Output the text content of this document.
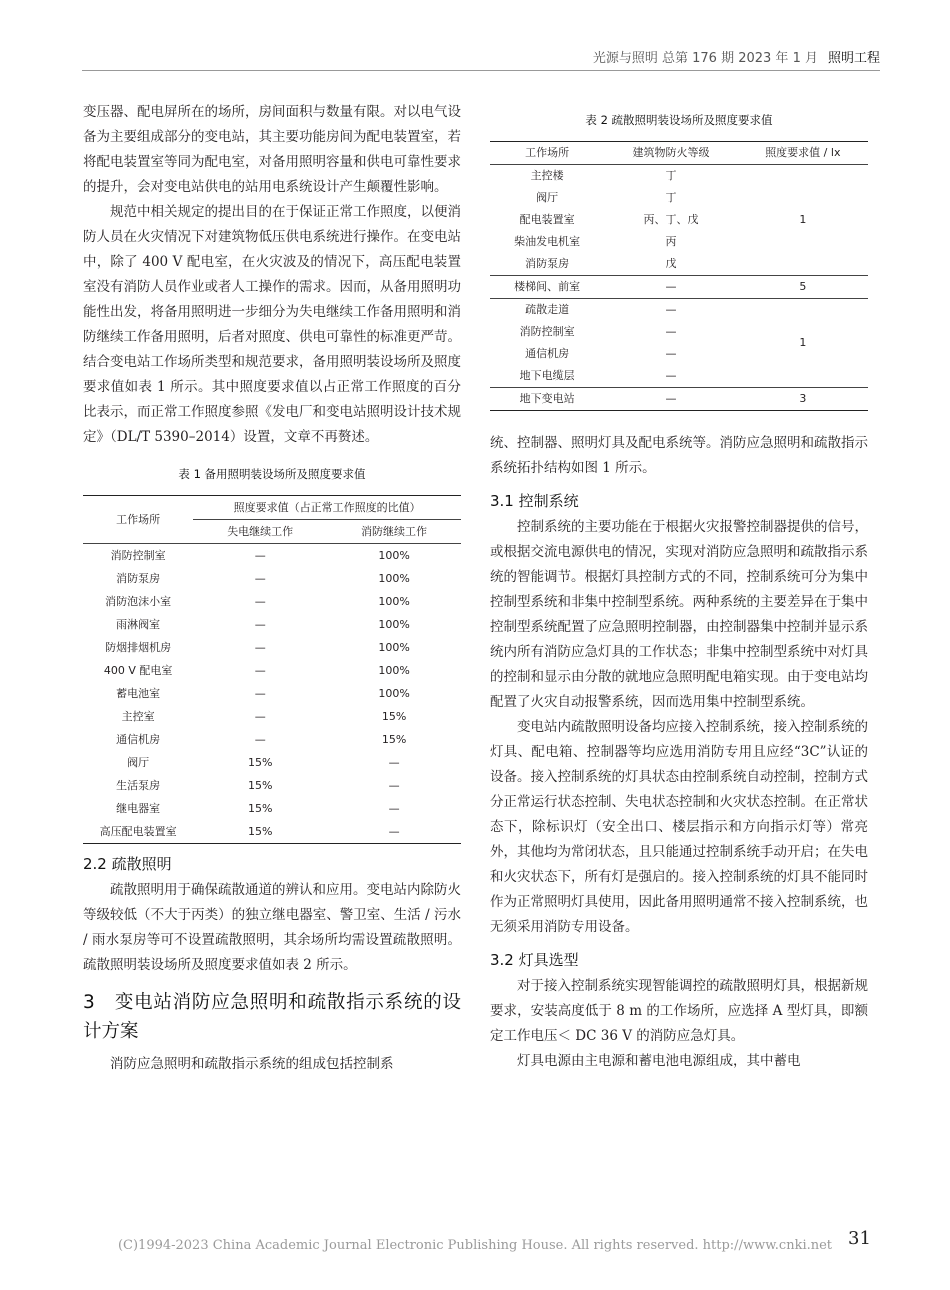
光源与照明 总第 176 期 2023 年 1 月 照明工程

变压器、配电屏所在的场所，房间面积与数量有限。对以电气设备为主要组成部分的变电站，其主要功能房间为配电装置室，若将配电装置室等同为配电室，对备用照明容量和供电可靠性要求的提升，会对变电站供电的站用电系统设计产生颠覆性影响。

规范中相关规定的提出目的在于保证正常工作照度，以便消防人员在火灾情况下对建筑物低压供电系统进行操作。在变电站中，除了 400 V 配电室，在火灾波及的情况下，高压配电装置室没有消防人员作业或者人工操作的需求。因而，从备用照明功能性出发，将备用照明进一步细分为失电继续工作备用照明和消防继续工作备用照明，后者对照度、供电可靠性的标准更严苛。结合变电站工作场所类型和规范要求，备用照明装设场所及照度要求值如表 1 所示。其中照度要求值以占正常工作照度的百分比表示，而正常工作照度参照《发电厂和变电站照明设计技术规定》（DL/T 5390–2014）设置，文章不再赘述。

表 1 备用照明装设场所及照度要求值
工作场所	照度要求值（占正常工作照度的比值）	
	失电继续工作	消防继续工作
消防控制室	—	100%
消防泵房	—	100%
消防泡沫小室	—	100%
雨淋阀室	—	100%
防烟排烟机房	—	100%
400 V 配电室	—	100%
蓄电池室	—	100%
主控室	—	15%
通信机房	—	15%
阀厅	15%	—
生活泵房	15%	—
继电器室	15%	—
高压配电装置室	15%	—
2.2 疏散照明

疏散照明用于确保疏散通道的辨认和应用。变电站内除防火等级较低（不大于丙类）的独立继电器室、警卫室、生活 / 污水 / 雨水泵房等可不设置疏散照明，其余场所均需设置疏散照明。疏散照明装设场所及照度要求值如表 2 所示。

3　变电站消防应急照明和疏散指示系统的设计方案

消防应急照明和疏散指示系统的组成包括控制系

表 2 疏散照明装设场所及照度要求值
工作场所	建筑物防火等级	照度要求值 / lx
主控楼	丁	1
阀厅	丁	
配电装置室	丙、丁、戊	
柴油发电机室	丙	
消防泵房	戊	
楼梯间、前室	—	5
疏散走道	—	1
消防控制室	—	
通信机房	—	
地下电缆层	—	
地下变电站	—	3

统、控制器、照明灯具及配电系统等。消防应急照明和疏散指示系统拓扑结构如图 1 所示。

3.1 控制系统

控制系统的主要功能在于根据火灾报警控制器提供的信号，或根据交流电源供电的情况，实现对消防应急照明和疏散指示系统的智能调节。根据灯具控制方式的不同，控制系统可分为集中控制型系统和非集中控制型系统。两种系统的主要差异在于集中控制型系统配置了应急照明控制器，由控制器集中控制并显示系统内所有消防应急灯具的工作状态；非集中控制型系统中对灯具的控制和显示由分散的就地应急照明配电箱实现。由于变电站均配置了火灾自动报警系统，因而选用集中控制型系统。

变电站内疏散照明设备均应接入控制系统，接入控制系统的灯具、配电箱、控制器等均应选用消防专用且应经“3C”认证的设备。接入控制系统的灯具状态由控制系统自动控制，控制方式分正常运行状态控制、失电状态控制和火灾状态控制。在正常状态下，除标识灯（安全出口、楼层指示和方向指示灯等）常亮外，其他均为常闭状态，且只能通过控制系统手动开启；在失电和火灾状态下，所有灯是强启的。接入控制系统的灯具不能同时作为正常照明灯具使用，因此备用照明通常不接入控制系统，也无须采用消防专用设备。

3.2 灯具选型

对于接入控制系统实现智能调控的疏散照明灯具，根据新规要求，安装高度低于 8 m 的工作场所，应选择 A 型灯具，即额定工作电压＜ DC 36 V 的消防应急灯具。

灯具电源由主电源和蓄电池电源组成，其中蓄电

31
(C)1994-2023 China Academic Journal Electronic Publishing House. All rights reserved. http://www.cnki.net
